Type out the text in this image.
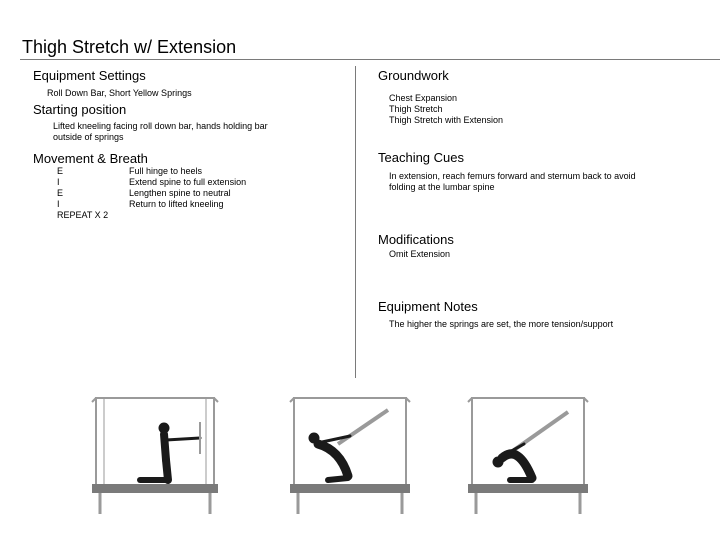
Thigh Stretch w/ Extension
Equipment Settings
Roll Down Bar, Short Yellow Springs
Starting position
Lifted kneeling facing roll down bar, hands holding bar
outside of springs
Movement & Breath
E
I
E
I
REPEAT X 2
Full hinge to heels
Extend spine to full extension
Lengthen spine to neutral
Return to lifted kneeling
Groundwork
Chest Expansion
Thigh Stretch
Thigh Stretch with Extension
Teaching Cues
In extension, reach femurs forward and sternum back to avoid
folding at the lumbar spine
Modifications
Omit Extension
Equipment Notes
The higher the springs are set, the more tension/support
